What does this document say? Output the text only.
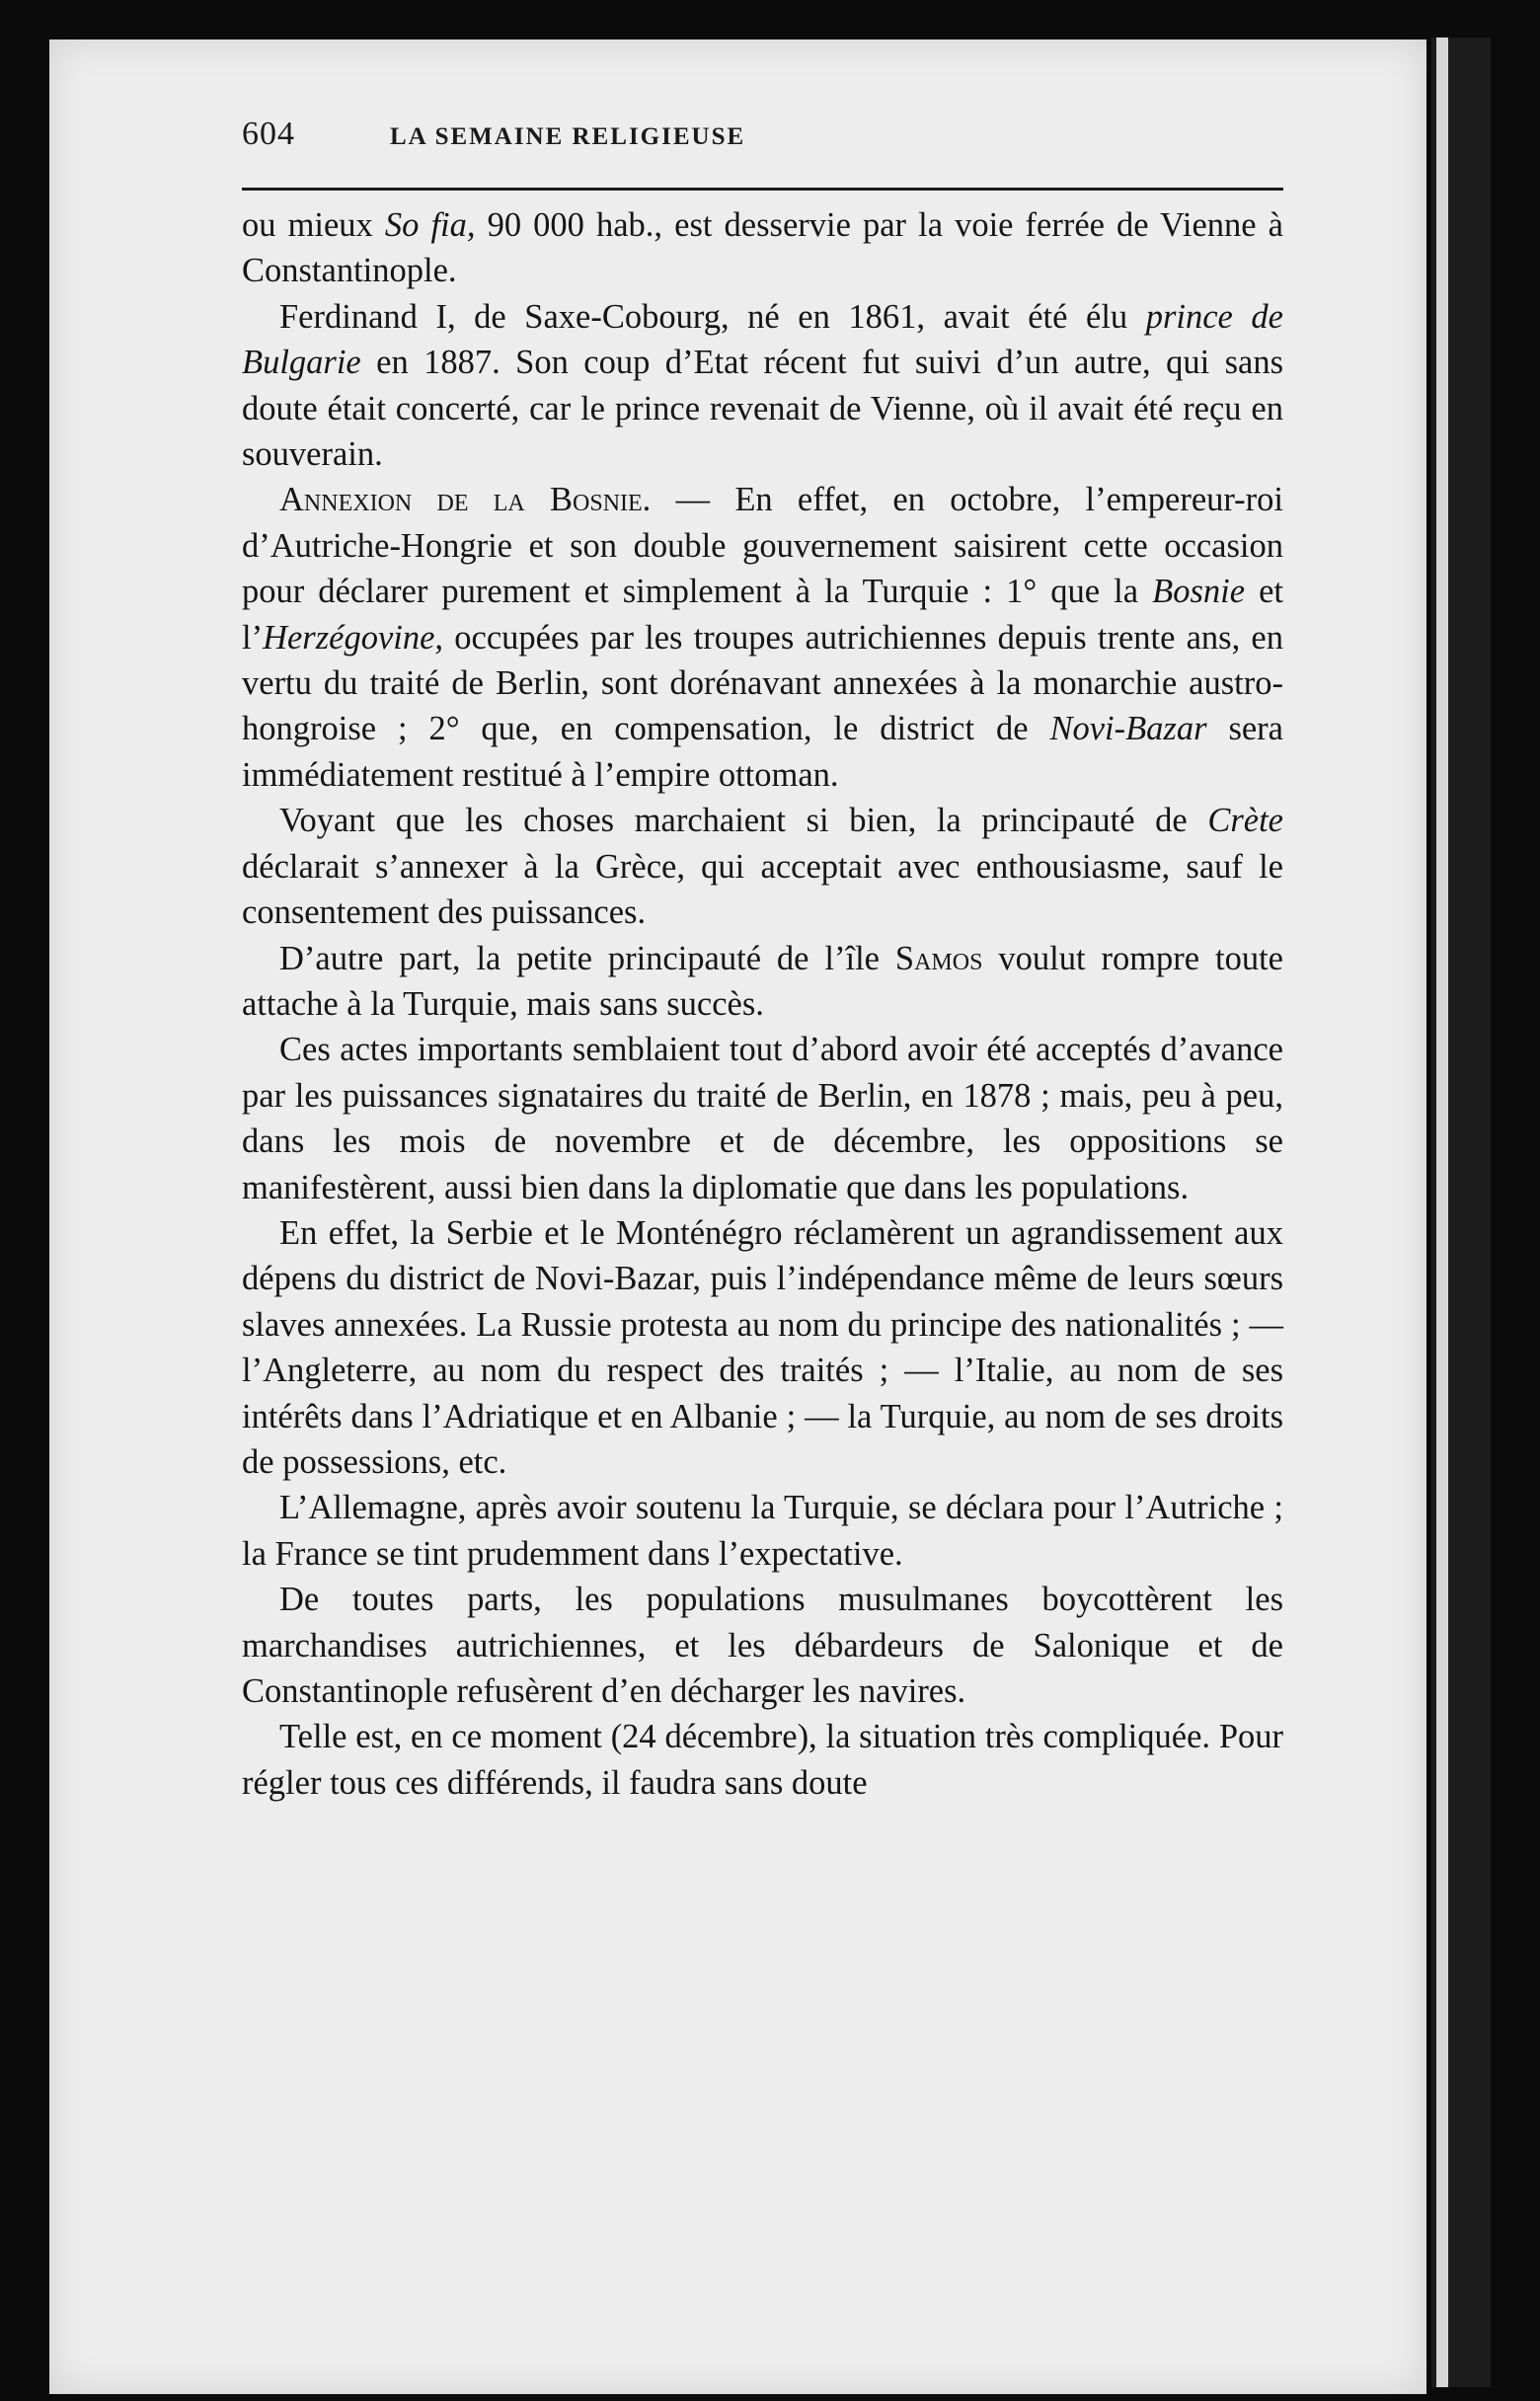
604	LA SEMAINE RELIGIEUSE

ou mieux So fia, 90 000 hab., est desservie par la voie ferrée de Vienne à Constantinople.

Ferdinand I, de Saxe-Cobourg, né en 1861, avait été élu prince de Bulgarie en 1887. Son coup d’Etat récent fut suivi d’un autre, qui sans doute était concerté, car le prince revenait de Vienne, où il avait été reçu en souverain.

Annexion de la Bosnie. — En effet, en octobre, l’empereur-roi d’Autriche-Hongrie et son double gouvernement saisirent cette occasion pour déclarer purement et simplement à la Turquie : 1° que la Bosnie et l’Herzégovine, occupées par les troupes autrichiennes depuis trente ans, en vertu du traité de Berlin, sont dorénavant annexées à la monarchie austro-hongroise ; 2° que, en compensation, le district de Novi-Bazar sera immédiatement restitué à l’empire ottoman.

Voyant que les choses marchaient si bien, la principauté de Crète déclarait s’annexer à la Grèce, qui acceptait avec enthousiasme, sauf le consentement des puissances.

D’autre part, la petite principauté de l’île Samos voulut rompre toute attache à la Turquie, mais sans succès.

Ces actes importants semblaient tout d’abord avoir été acceptés d’avance par les puissances signataires du traité de Berlin, en 1878 ; mais, peu à peu, dans les mois de novembre et de décembre, les oppositions se manifestèrent, aussi bien dans la diplomatie que dans les populations.

En effet, la Serbie et le Monténégro réclamèrent un agrandissement aux dépens du district de Novi-Bazar, puis l’indépendance même de leurs sœurs slaves annexées. La Russie protesta au nom du principe des nationalités ; — l’Angleterre, au nom du respect des traités ; — l’Italie, au nom de ses intérêts dans l’Adriatique et en Albanie ; — la Turquie, au nom de ses droits de possessions, etc.

L’Allemagne, après avoir soutenu la Turquie, se déclara pour l’Autriche ; la France se tint prudemment dans l’expectative.

De toutes parts, les populations musulmanes boycottèrent les marchandises autrichiennes, et les débardeurs de Salonique et de Constantinople refusèrent d’en décharger les navires.

Telle est, en ce moment (24 décembre), la situation très compliquée. Pour régler tous ces différends, il faudra sans doute
